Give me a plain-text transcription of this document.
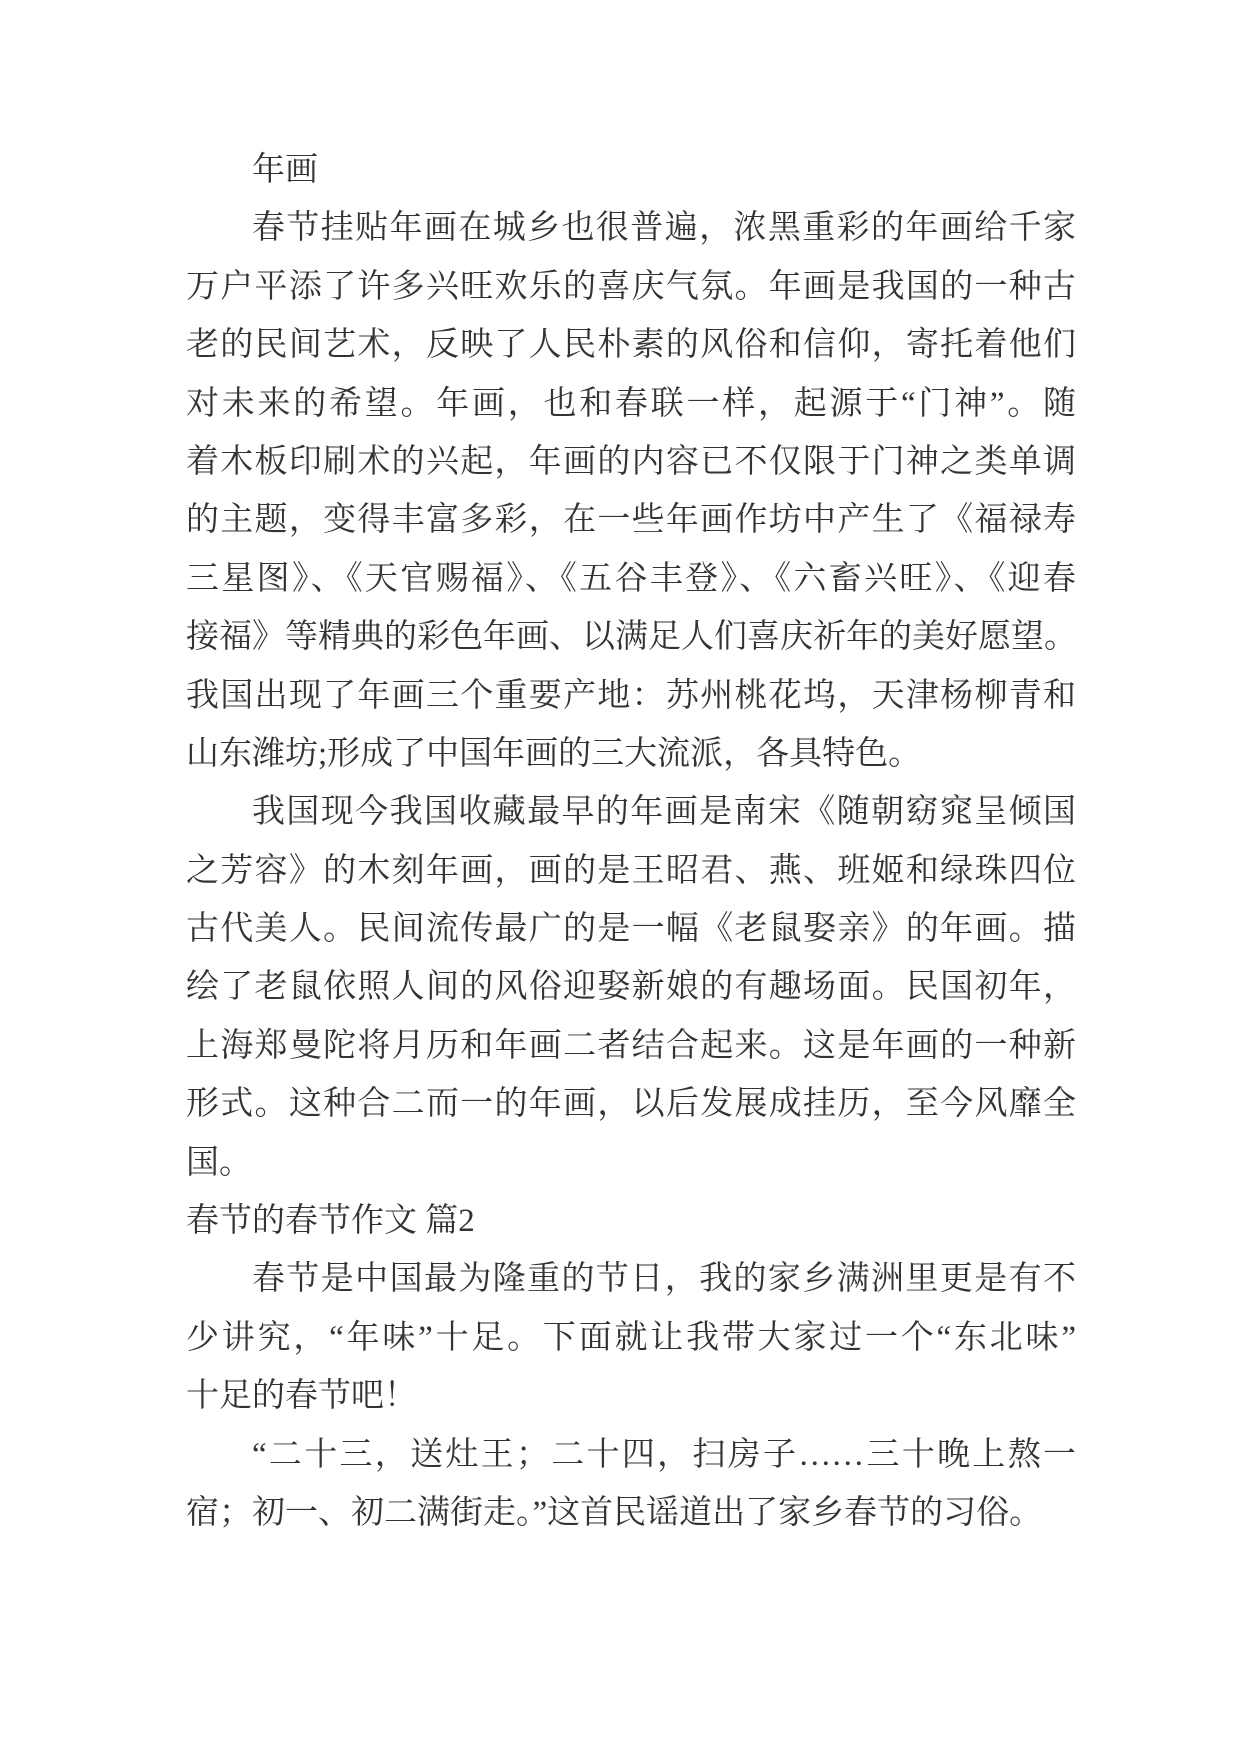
年画
春节挂贴年画在城乡也很普遍，浓黑重彩的年画给千家
万户平添了许多兴旺欢乐的喜庆气氛。年画是我国的一种古
老的民间艺术，反映了人民朴素的风俗和信仰，寄托着他们
对未来的希望。年画，也和春联一样，起源于“门神”。随
着木板印刷术的兴起，年画的内容已不仅限于门神之类单调
的主题，变得丰富多彩，在一些年画作坊中产生了《福禄寿
三星图》、《天官赐福》、《五谷丰登》、《六畜兴旺》、《迎春
接福》等精典的彩色年画、以满足人们喜庆祈年的美好愿望。
我国出现了年画三个重要产地：苏州桃花坞，天津杨柳青和
山东潍坊;形成了中国年画的三大流派，各具特色。
我国现今我国收藏最早的年画是南宋《随朝窈窕呈倾国
之芳容》的木刻年画，画的是王昭君、燕、班姬和绿珠四位
古代美人。民间流传最广的是一幅《老鼠娶亲》的年画。描
绘了老鼠依照人间的风俗迎娶新娘的有趣场面。民国初年，
上海郑曼陀将月历和年画二者结合起来。这是年画的一种新
形式。这种合二而一的年画，以后发展成挂历，至今风靡全
国。
春节的春节作文 篇2
春节是中国最为隆重的节日，我的家乡满洲里更是有不
少讲究，“年味”十足。下面就让我带大家过一个“东北味”
十足的春节吧！
“二十三，送灶王；二十四，扫房子……三十晚上熬一
宿；初一、初二满街走。”这首民谣道出了家乡春节的习俗。
